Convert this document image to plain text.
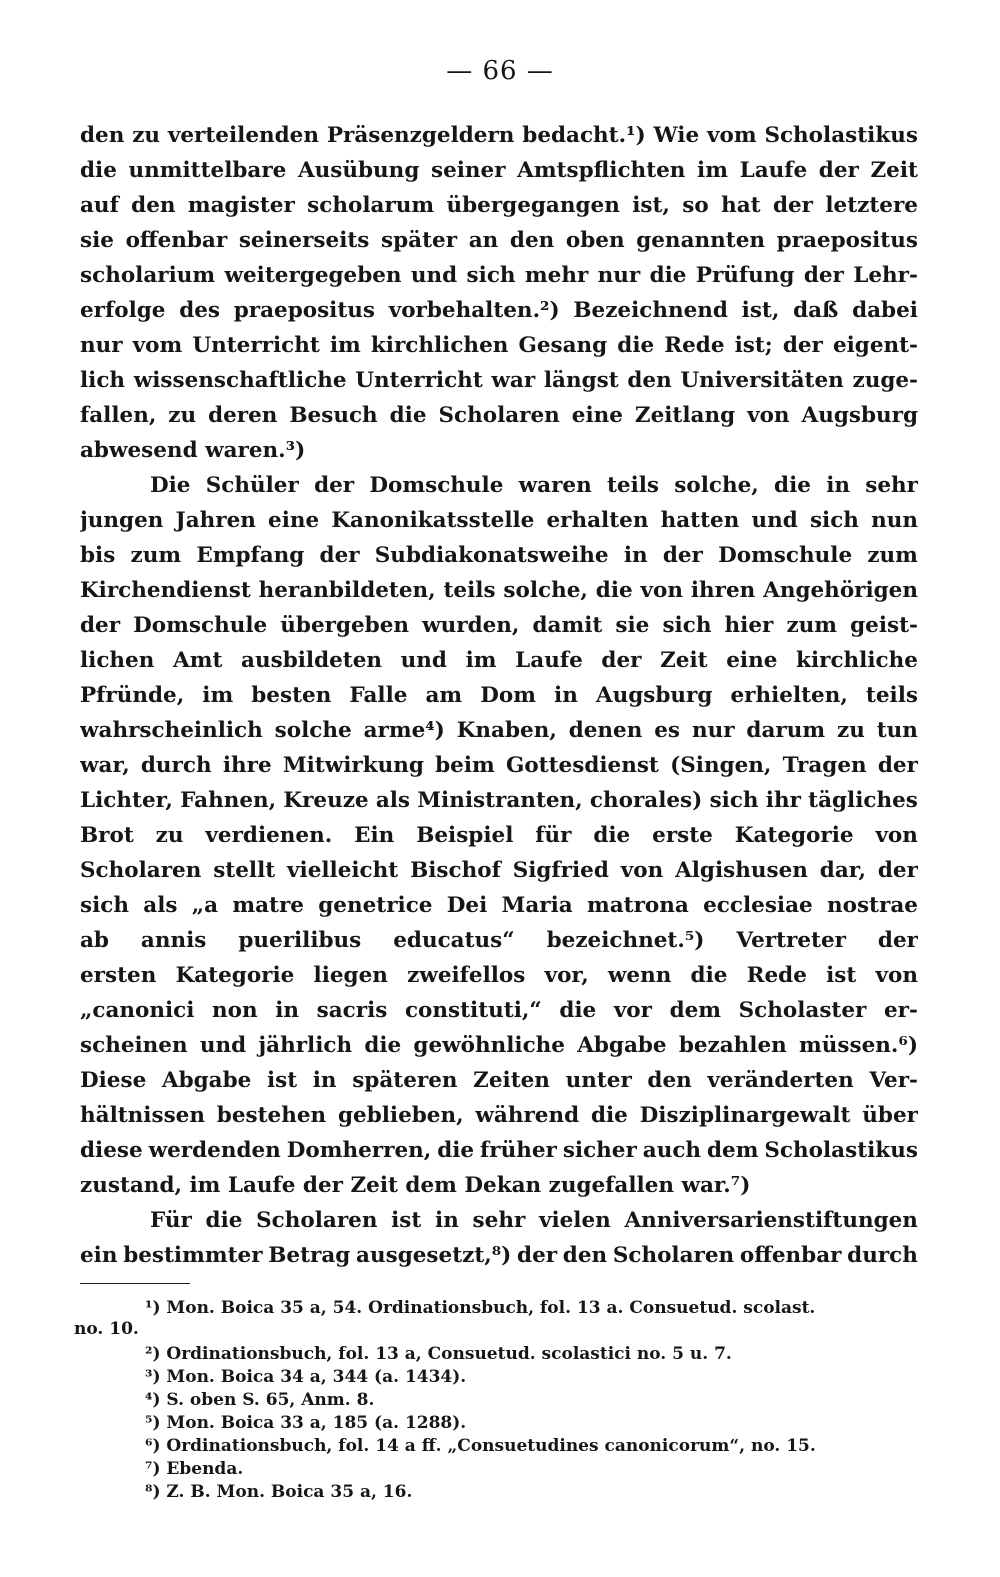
— 66 —
den zu verteilenden Präsenzgeldern bedacht.¹) Wie vom Scholastikus
die unmittelbare Ausübung seiner Amtspflichten im Laufe der Zeit
auf den magister scholarum übergegangen ist, so hat der letztere
sie offenbar seinerseits später an den oben genannten praepositus
scholarium weitergegeben und sich mehr nur die Prüfung der Lehr-
erfolge des praepositus vorbehalten.²) Bezeichnend ist, daß dabei
nur vom Unterricht im kirchlichen Gesang die Rede ist; der eigent-
lich wissenschaftliche Unterricht war längst den Universitäten zuge-
fallen, zu deren Besuch die Scholaren eine Zeitlang von Augsburg
abwesend waren.³)
Die Schüler der Domschule waren teils solche, die in sehr
jungen Jahren eine Kanonikatsstelle erhalten hatten und sich nun
bis zum Empfang der Subdiakonatsweihe in der Domschule zum
Kirchendienst heranbildeten, teils solche, die von ihren Angehörigen
der Domschule übergeben wurden, damit sie sich hier zum geist-
lichen Amt ausbildeten und im Laufe der Zeit eine kirchliche
Pfründe, im besten Falle am Dom in Augsburg erhielten, teils
wahrscheinlich solche arme⁴) Knaben, denen es nur darum zu tun
war, durch ihre Mitwirkung beim Gottesdienst (Singen, Tragen der
Lichter, Fahnen, Kreuze als Ministranten, chorales) sich ihr tägliches
Brot zu verdienen. Ein Beispiel für die erste Kategorie von
Scholaren stellt vielleicht Bischof Sigfried von Algishusen dar, der
sich als „a matre genetrice Dei Maria matrona ecclesiae nostrae
ab annis puerilibus educatus“ bezeichnet.⁵) Vertreter der
ersten Kategorie liegen zweifellos vor, wenn die Rede ist von
„canonici non in sacris constituti,“ die vor dem Scholaster er-
scheinen und jährlich die gewöhnliche Abgabe bezahlen müssen.⁶)
Diese Abgabe ist in späteren Zeiten unter den veränderten Ver-
hältnissen bestehen geblieben, während die Disziplinargewalt über
diese werdenden Domherren, die früher sicher auch dem Scholastikus
zustand, im Laufe der Zeit dem Dekan zugefallen war.⁷)
Für die Scholaren ist in sehr vielen Anniversarienstiftungen
ein bestimmter Betrag ausgesetzt,⁸) der den Scholaren offenbar durch
¹) Mon. Boica 35 a, 54. Ordinationsbuch, fol. 13 a. Consuetud. scolast.
no. 10.
²) Ordinationsbuch, fol. 13 a, Consuetud. scolastici no. 5 u. 7.
³) Mon. Boica 34 a, 344 (a. 1434).
⁴) S. oben S. 65, Anm. 8.
⁵) Mon. Boica 33 a, 185 (a. 1288).
⁶) Ordinationsbuch, fol. 14 a ff. „Consuetudines canonicorum“, no. 15.
⁷) Ebenda.
⁸) Z. B. Mon. Boica 35 a, 16.
